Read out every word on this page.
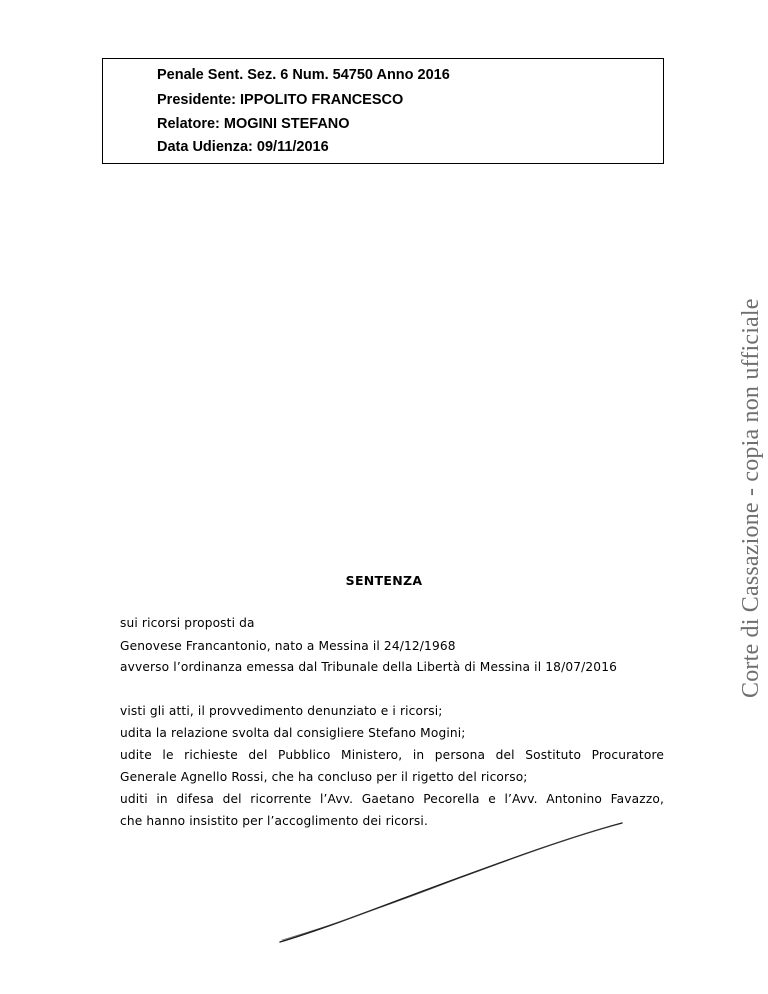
Penale Sent. Sez. 6 Num. 54750 Anno 2016
Presidente: IPPOLITO FRANCESCO
Relatore: MOGINI STEFANO
Data Udienza: 09/11/2016
Corte di Cassazione - copia non ufficiale
SENTENZA
sui ricorsi proposti da
Genovese Francantonio, nato a Messina il 24/12/1968
avverso l’ordinanza emessa dal Tribunale della Libertà di Messina il 18/07/2016
visti gli atti, il provvedimento denunziato e i ricorsi;
udita la relazione svolta dal consigliere Stefano Mogini;
udite le richieste del Pubblico Ministero, in persona del Sostituto Procuratore
Generale Agnello Rossi, che ha concluso per il rigetto del ricorso;
uditi in difesa del ricorrente l’Avv. Gaetano Pecorella e l’Avv. Antonino Favazzo,
che hanno insistito per l’accoglimento dei ricorsi.
